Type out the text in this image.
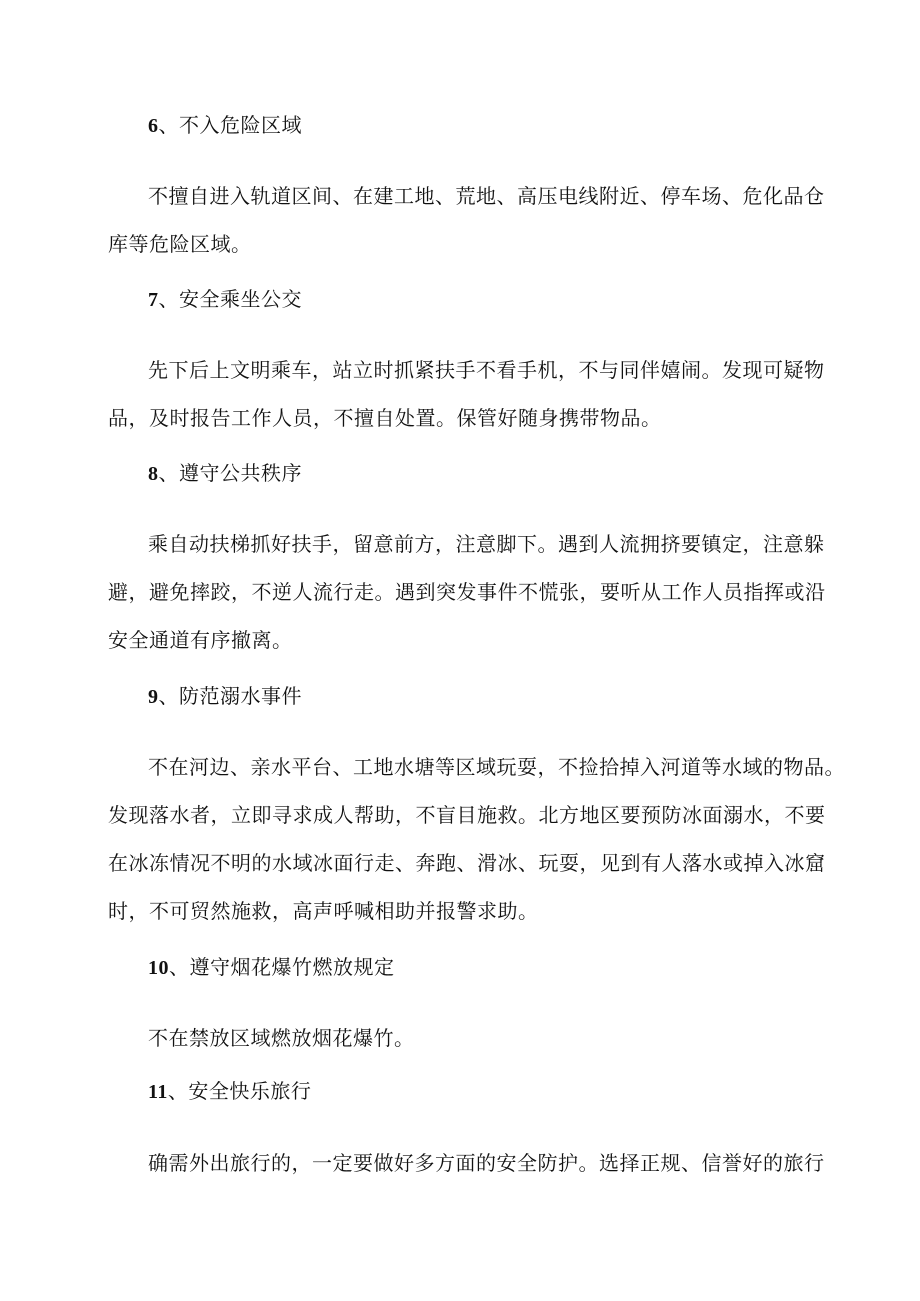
6、不入危险区域
不擅自进入轨道区间、在建工地、荒地、高压电线附近、停车场、危化品仓
库等危险区域。
7、安全乘坐公交
先下后上文明乘车，站立时抓紧扶手不看手机，不与同伴嬉闹。发现可疑物
品，及时报告工作人员，不擅自处置。保管好随身携带物品。
8、遵守公共秩序
乘自动扶梯抓好扶手，留意前方，注意脚下。遇到人流拥挤要镇定，注意躲
避，避免摔跤，不逆人流行走。遇到突发事件不慌张，要听从工作人员指挥或沿
安全通道有序撤离。
9、防范溺水事件
不在河边、亲水平台、工地水塘等区域玩耍，不捡拾掉入河道等水域的物品。
发现落水者，立即寻求成人帮助，不盲目施救。北方地区要预防冰面溺水，不要
在冰冻情况不明的水域冰面行走、奔跑、滑冰、玩耍，见到有人落水或掉入冰窟
时，不可贸然施救，高声呼喊相助并报警求助。
10、遵守烟花爆竹燃放规定
不在禁放区域燃放烟花爆竹。
11、安全快乐旅行
确需外出旅行的，一定要做好多方面的安全防护。选择正规、信誉好的旅行
